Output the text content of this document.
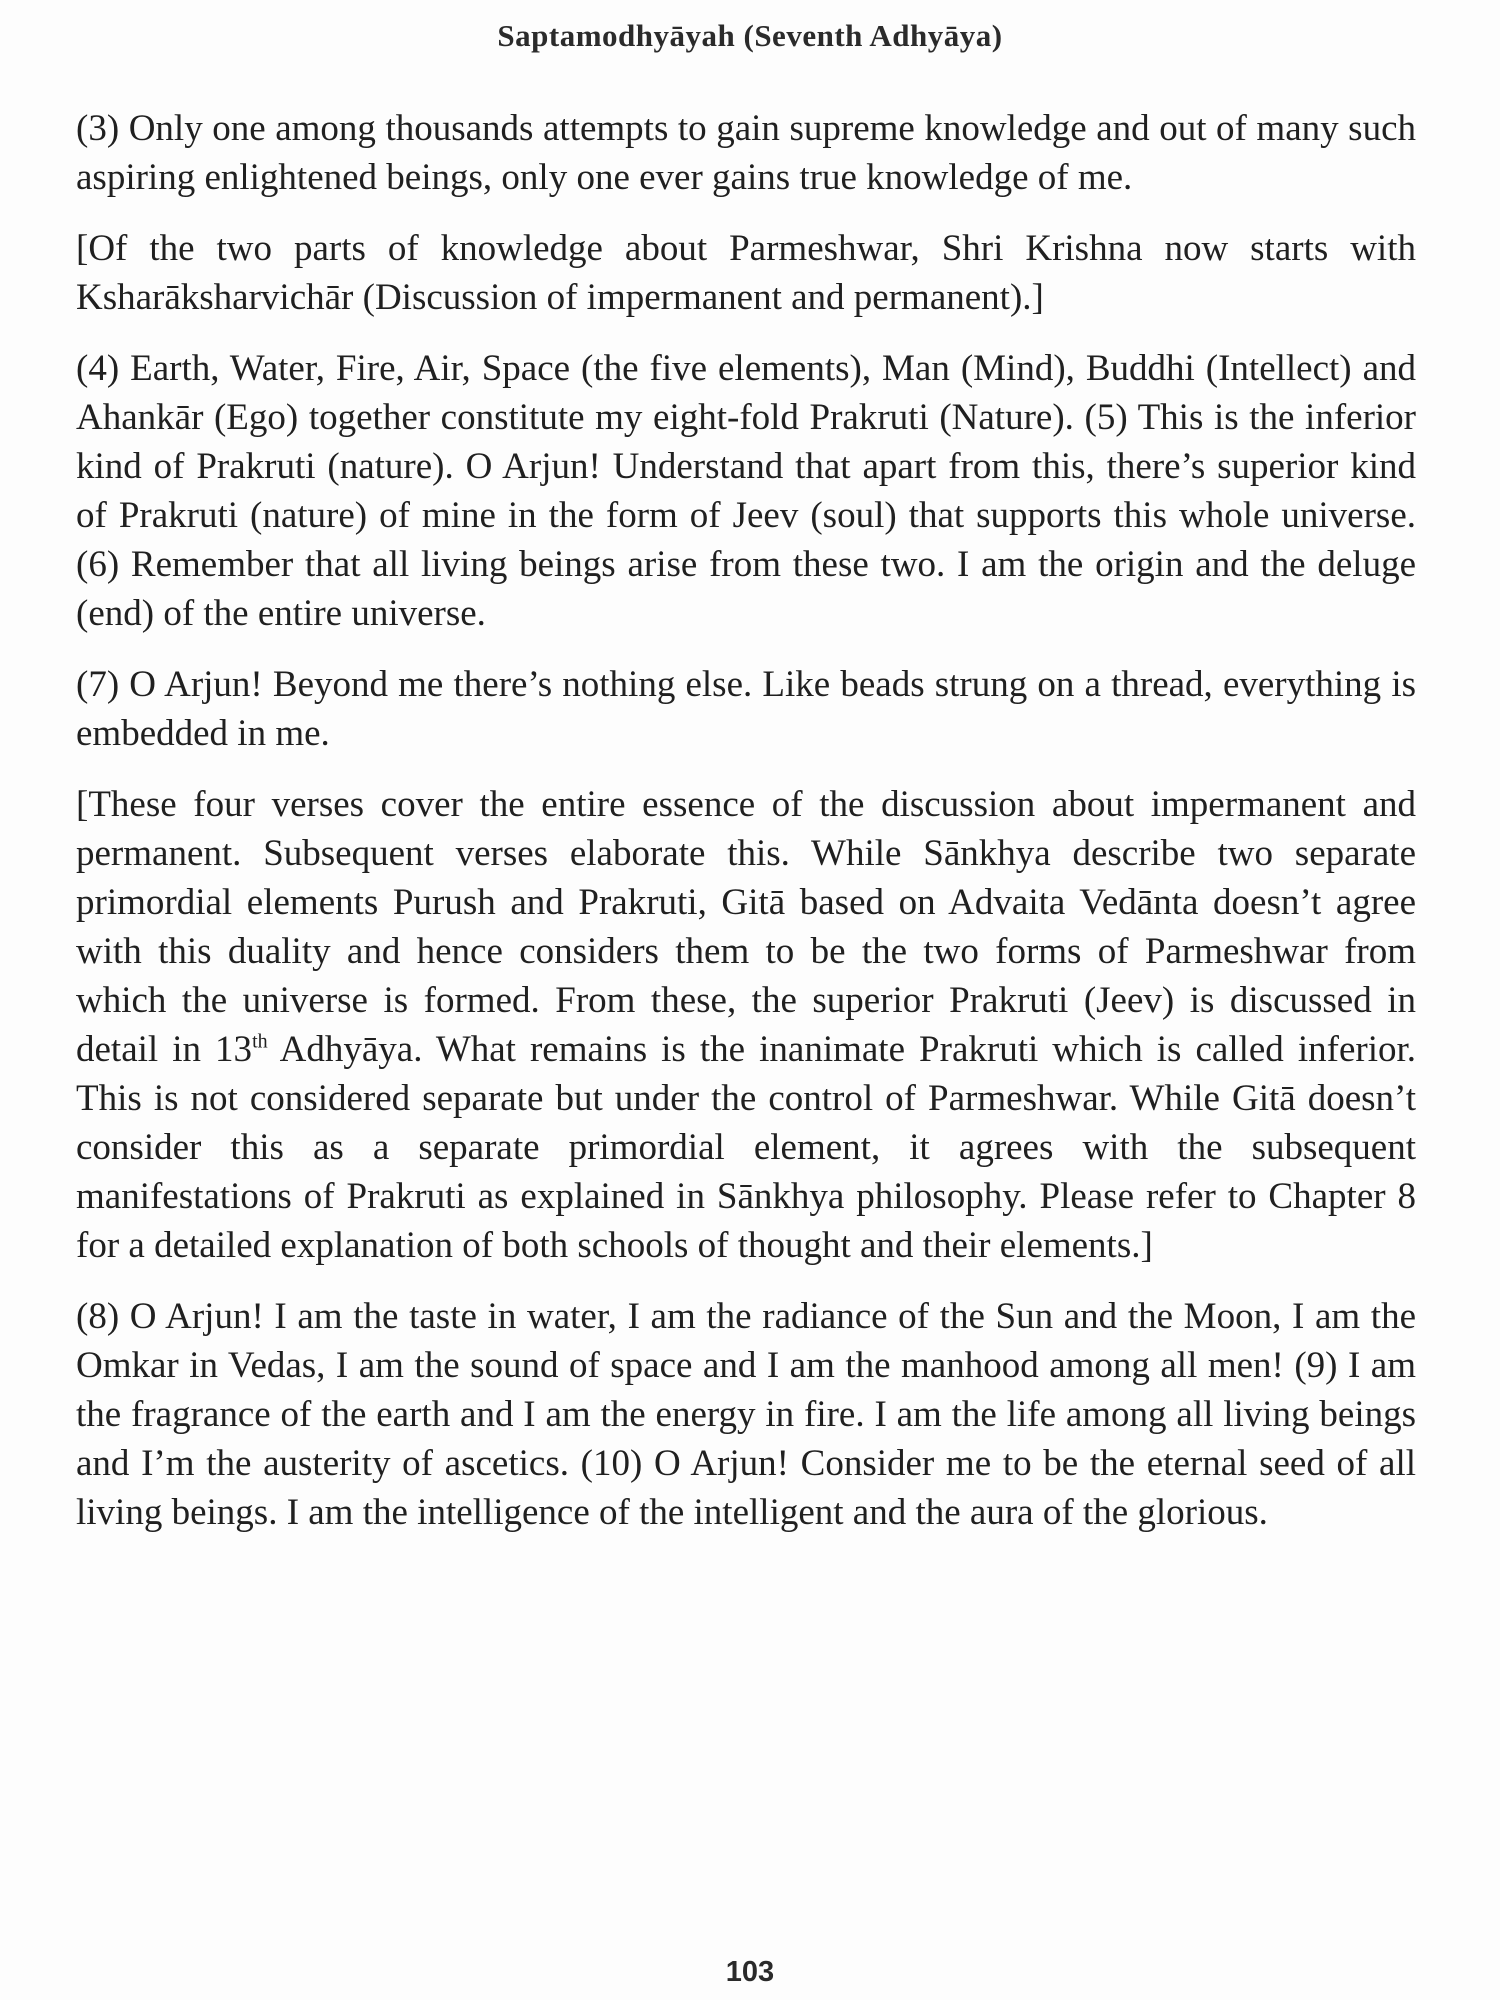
Saptamodhyāyah (Seventh Adhyāya)

(3) Only one among thousands attempts to gain supreme knowledge and out of many such aspiring enlightened beings, only one ever gains true knowledge of me.

[Of the two parts of knowledge about Parmeshwar, Shri Krishna now starts with Ksharāksharvichār (Discussion of impermanent and permanent).]

(4) Earth, Water, Fire, Air, Space (the five elements), Man (Mind), Buddhi (Intellect) and Ahankār (Ego) together constitute my eight-fold Prakruti (Nature). (5) This is the inferior kind of Prakruti (nature). O Arjun! Understand that apart from this, there’s superior kind of Prakruti (nature) of mine in the form of Jeev (soul) that supports this whole universe. (6) Remember that all living beings arise from these two. I am the origin and the deluge (end) of the entire universe.

(7) O Arjun! Beyond me there’s nothing else. Like beads strung on a thread, everything is embedded in me.

[These four verses cover the entire essence of the discussion about impermanent and permanent. Subsequent verses elaborate this. While Sānkhya describe two separate primordial elements Purush and Prakruti, Gitā based on Advaita Vedānta doesn’t agree with this duality and hence considers them to be the two forms of Parmeshwar from which the universe is formed. From these, the superior Prakruti (Jeev) is discussed in detail in 13th Adhyāya. What remains is the inanimate Prakruti which is called inferior. This is not considered separate but under the control of Parmeshwar. While Gitā doesn’t consider this as a separate primordial element, it agrees with the subsequent manifestations of Prakruti as explained in Sānkhya philosophy. Please refer to Chapter 8 for a detailed explanation of both schools of thought and their elements.]

(8) O Arjun! I am the taste in water, I am the radiance of the Sun and the Moon, I am the Omkar in Vedas, I am the sound of space and I am the manhood among all men! (9) I am the fragrance of the earth and I am the energy in fire. I am the life among all living beings and I’m the austerity of ascetics. (10) O Arjun! Consider me to be the eternal seed of all living beings. I am the intelligence of the intelligent and the aura of the glorious.

103
